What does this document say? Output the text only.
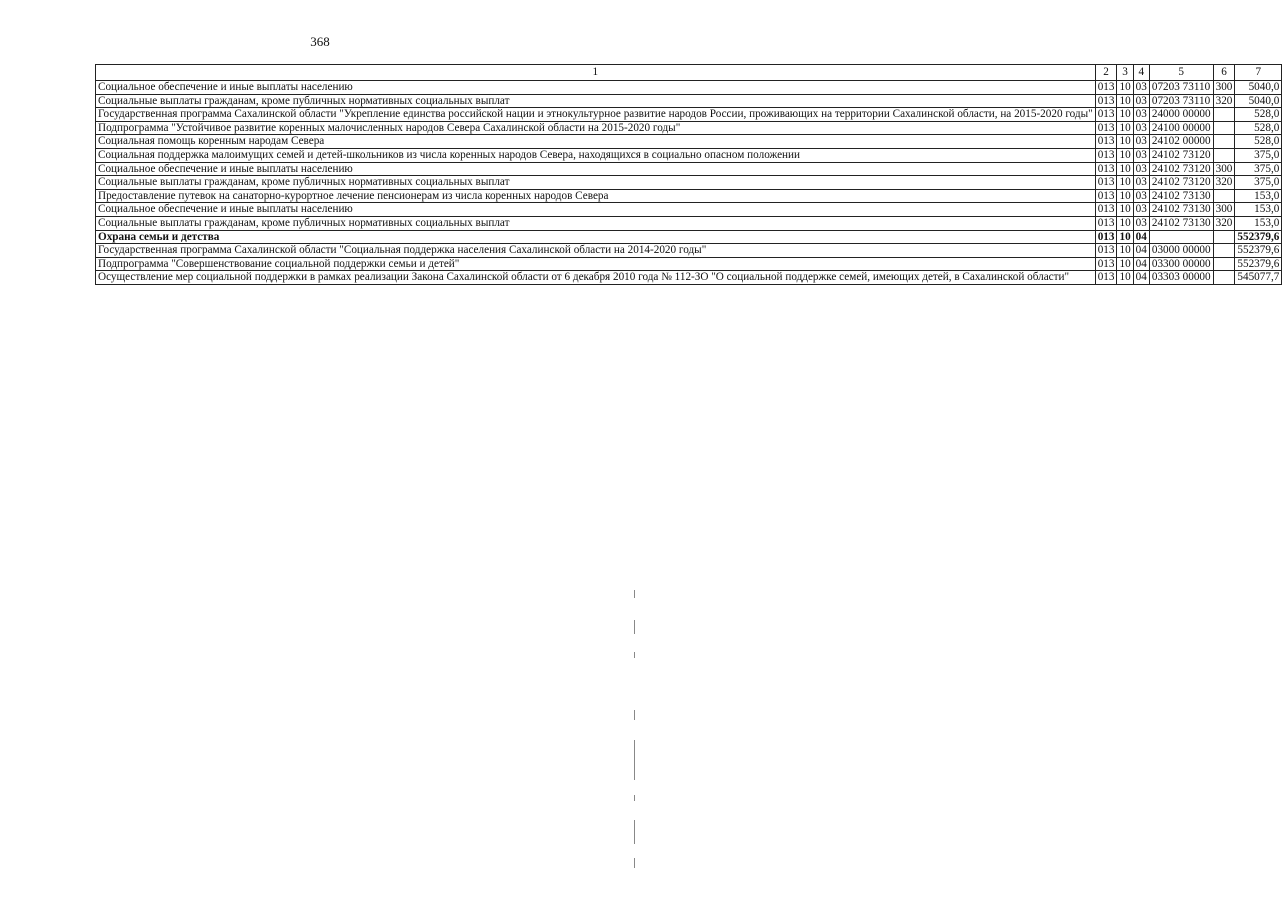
368
1	2	3	4	5	6	7
Социальное обеспечение и иные выплаты населению	013	10	03	07203 73110	300	5040,0
Социальные выплаты гражданам, кроме публичных нормативных социальных выплат	013	10	03	07203 73110	320	5040,0
Государственная программа Сахалинской области "Укрепление единства российской нации и этнокультурное развитие народов России, проживающих на территории Сахалинской области, на 2015-2020 годы"	013	10	03	24000 00000		528,0
Подпрограмма "Устойчивое развитие коренных малочисленных народов Севера Сахалинской области на 2015-2020 годы"	013	10	03	24100 00000		528,0
Социальная помощь коренным народам Севера	013	10	03	24102 00000		528,0
Социальная поддержка малоимущих семей и детей-школьников из числа коренных народов Севера, находящихся в социально опасном положении	013	10	03	24102 73120		375,0
Социальное обеспечение и иные выплаты населению	013	10	03	24102 73120	300	375,0
Социальные выплаты гражданам, кроме публичных нормативных социальных выплат	013	10	03	24102 73120	320	375,0
Предоставление путевок на санаторно-курортное лечение пенсионерам из числа коренных народов Севера	013	10	03	24102 73130		153,0
Социальное обеспечение и иные выплаты населению	013	10	03	24102 73130	300	153,0
Социальные выплаты гражданам, кроме публичных нормативных социальных выплат	013	10	03	24102 73130	320	153,0
Охрана семьи и детства	013	10	04			552379,6
Государственная программа Сахалинской области "Социальная поддержка населения Сахалинской области на 2014-2020 годы"	013	10	04	03000 00000		552379,6
Подпрограмма "Совершенствование социальной поддержки семьи и детей"	013	10	04	03300 00000		552379,6
Осуществление мер социальной поддержки в рамках реализации Закона Сахалинской области от 6 декабря 2010 года № 112-ЗО "О социальной поддержке семей, имеющих детей, в Сахалинской области"	013	10	04	03303 00000		545077,7
